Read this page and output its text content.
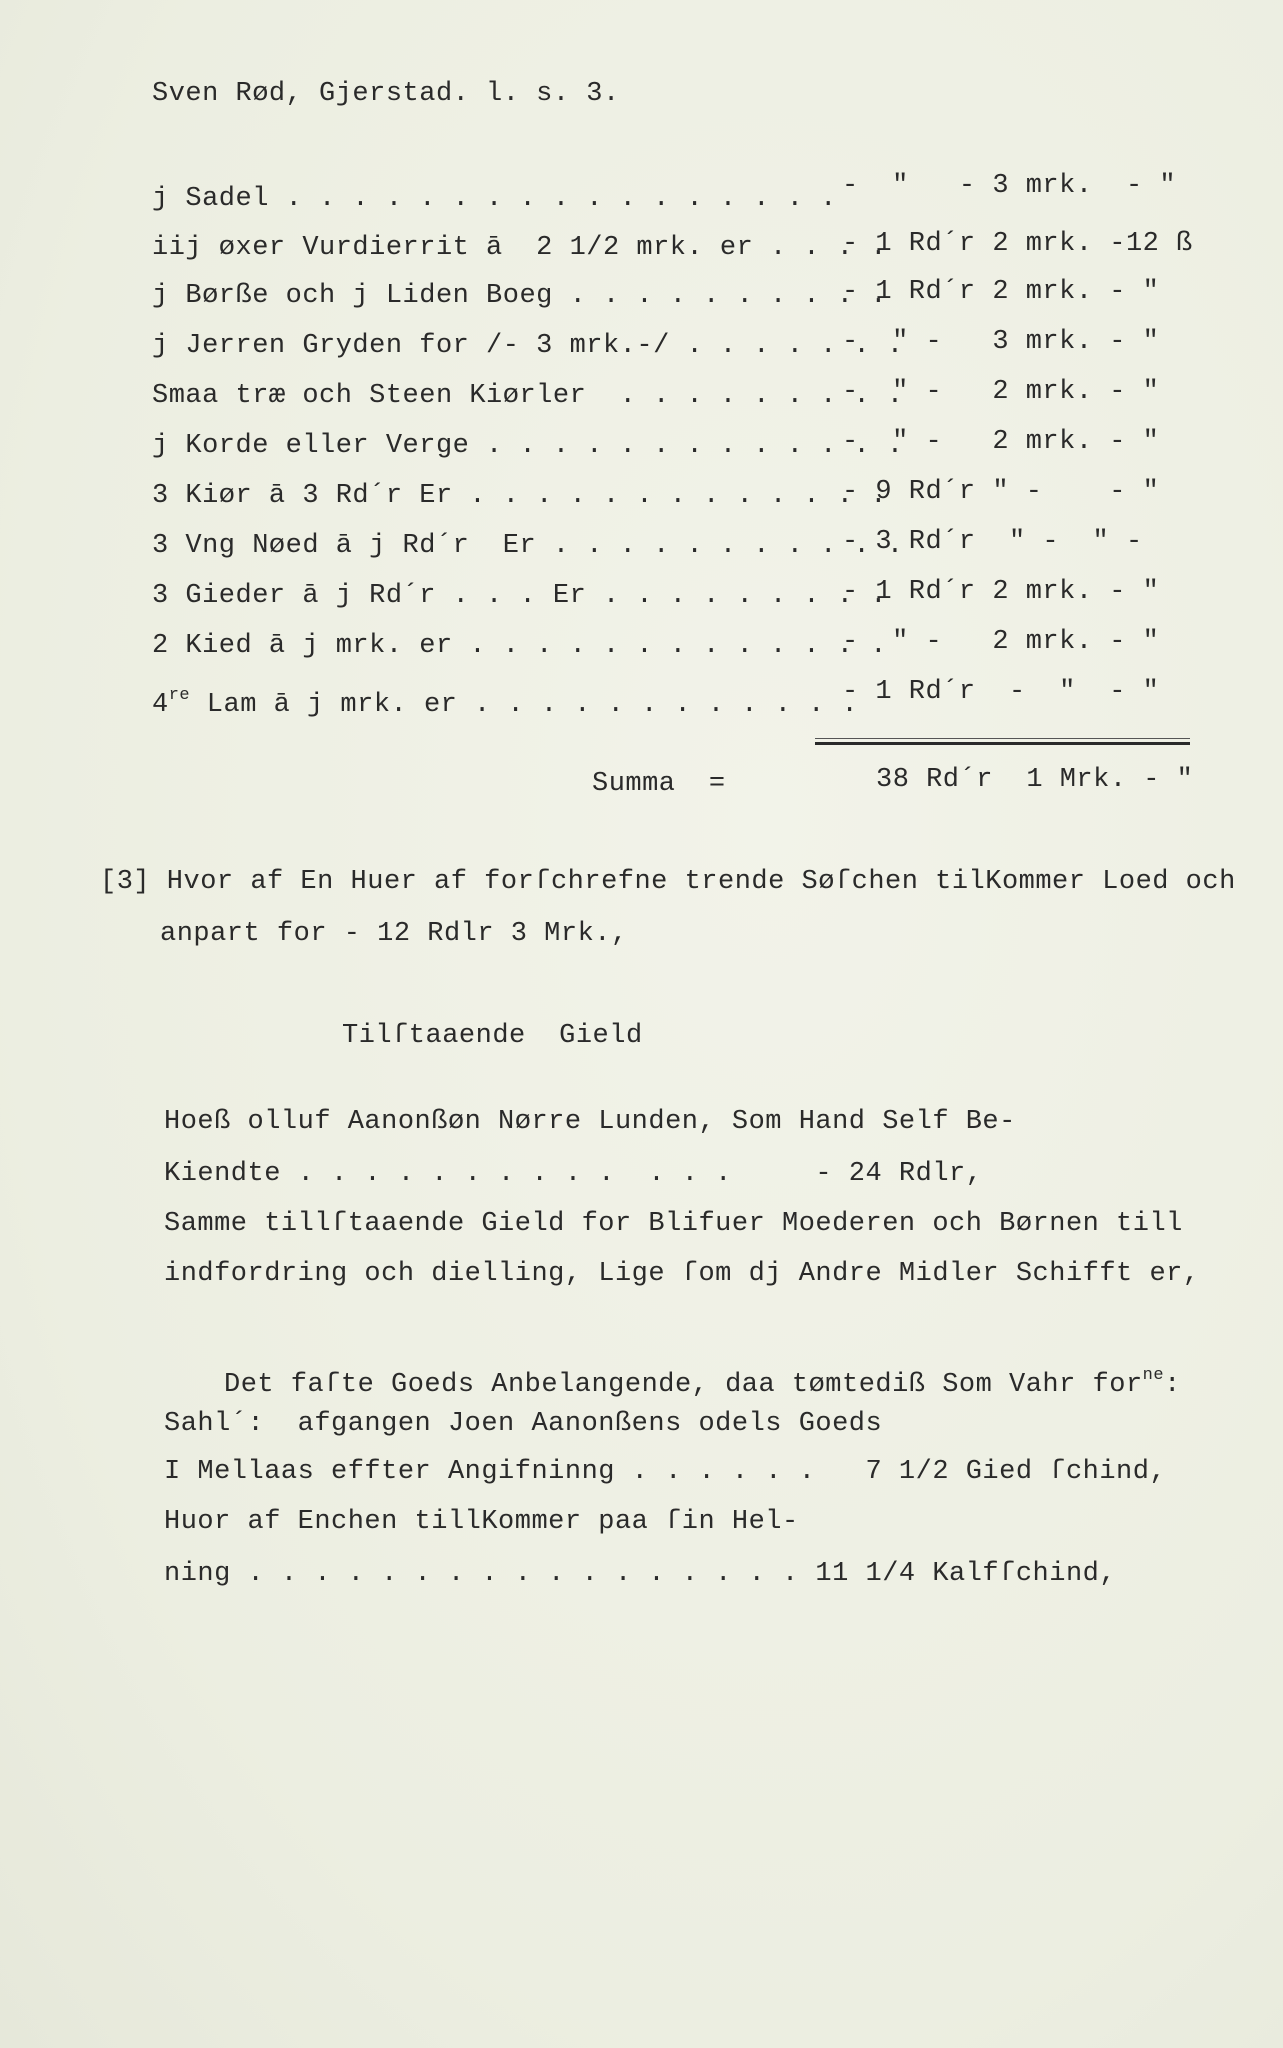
Sven Rød, Gjerstad. l. s. 3.
j Sadel . . . . . . . . . . . . . . . . . -  "   - 3 mrk.  - "
iij øxer Vurdierrit ā  2 1/2 mrk. er . . . .
- 1 Rd´r 2 mrk. -12 ß
j Børße och j Liden Boeg . . . . . . . . . .
- 1 Rd´r 2 mrk. - "
j Jerren Gryden for /- 3 mrk.-/ . . . . . . .
-  " -   3 mrk. - "
Smaa træ och Steen Kiørler  . . . . . . . . .
-  " -   2 mrk. - "
j Korde eller Verge . . . . . . . . . . . . .
-  " -   2 mrk. - "
3 Kiør ā 3 Rd´r Er . . . . . . . . . . . . .
- 9 Rd´r " -    - "
3 Vng Nøed ā j Rd´r  Er . . . . . . . . . . .
- 3 Rd´r  " -  " -
3 Gieder ā j Rd´r . . . Er . . . . . . . . .
- 1 Rd´r 2 mrk. - "
2 Kied ā j mrk. er . . . . . . . . . . . . .
-  " -   2 mrk. - "
4re Lam ā j mrk. er . . . . . . . . . . . .
- 1 Rd´r  -  "  - "
Summa  =	38 Rd´r  1 Mrk. - "
[3] Hvor af En Huer af forſchrefne trende Søſchen tilKommer Loed och
anpart for - 12 Rdlr 3 Mrk.,
Tilſtaaende  Gield
Hoeß olluf Aanonßøn Nørre Lunden, Som Hand Self Be-
Kiendte . . . . . . . . . .  . . .     - 24 Rdlr,
Samme tillſtaaende Gield for Blifuer Moederen och Børnen till
indfordring och dielling, Lige ſom dj Andre Midler Schifft er,
Det faſte Goeds Anbelangende, daa tømtediß Som Vahr for$^{ne}$:
Sahl´:  afgangen Joen Aanonßens odels Goeds
I Mellaas effter Angifninng . . . . . .   7 1/2 Gied ſchind,
Huor af Enchen tillKommer paa ſin Hel-
ning . . . . . . . . . . . . . . . . . 11 1/4 Kalfſchind,
